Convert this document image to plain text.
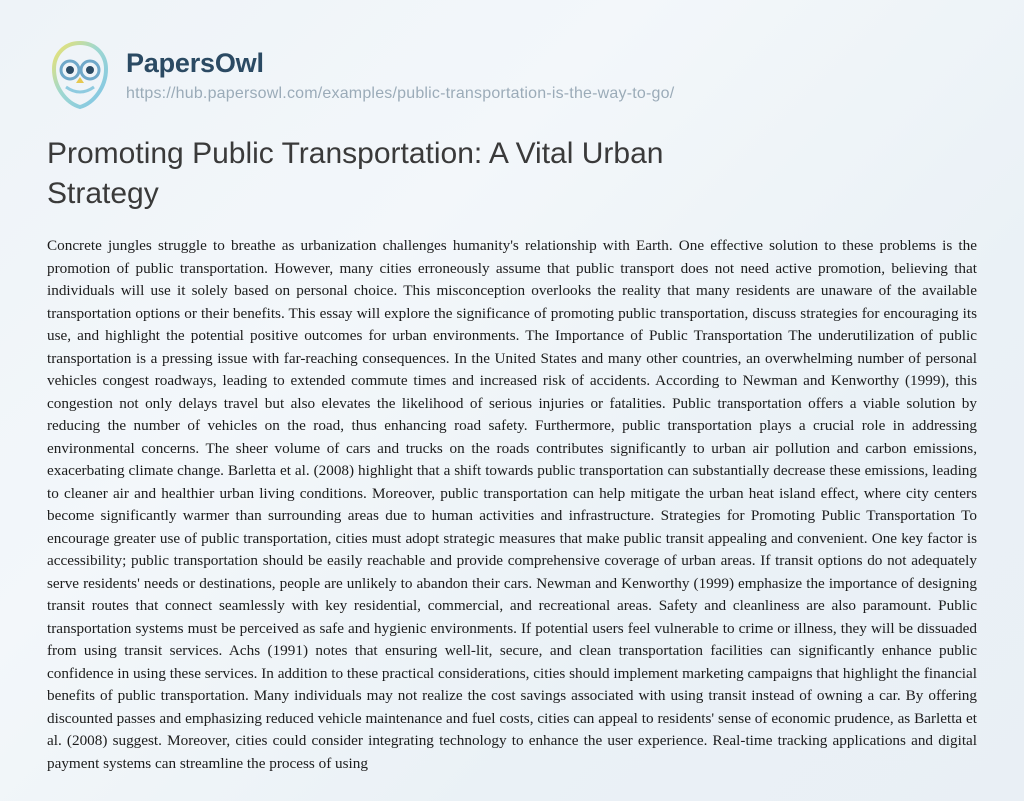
PapersOwl
https://hub.papersowl.com/examples/public-transportation-is-the-way-to-go/
Promoting Public Transportation: A Vital Urban Strategy

Concrete jungles struggle to breathe as urbanization challenges humanity's relationship with Earth. One effective solution to these problems is the promotion of public transportation. However, many cities erroneously assume that public transport does not need active promotion, believing that individuals will use it solely based on personal choice. This misconception overlooks the reality that many residents are unaware of the available transportation options or their benefits. This essay will explore the significance of promoting public transportation, discuss strategies for encouraging its use, and highlight the potential positive outcomes for urban environments. The Importance of Public Transportation The underutilization of public transportation is a pressing issue with far-reaching consequences. In the United States and many other countries, an overwhelming number of personal vehicles congest roadways, leading to extended commute times and increased risk of accidents. According to Newman and Kenworthy (1999), this congestion not only delays travel but also elevates the likelihood of serious injuries or fatalities. Public transportation offers a viable solution by reducing the number of vehicles on the road, thus enhancing road safety. Furthermore, public transportation plays a crucial role in addressing environmental concerns. The sheer volume of cars and trucks on the roads contributes significantly to urban air pollution and carbon emissions, exacerbating climate change. Barletta et al. (2008) highlight that a shift towards public transportation can substantially decrease these emissions, leading to cleaner air and healthier urban living conditions. Moreover, public transportation can help mitigate the urban heat island effect, where city centers become significantly warmer than surrounding areas due to human activities and infrastructure. Strategies for Promoting Public Transportation To encourage greater use of public transportation, cities must adopt strategic measures that make public transit appealing and convenient. One key factor is accessibility; public transportation should be easily reachable and provide comprehensive coverage of urban areas. If transit options do not adequately serve residents' needs or destinations, people are unlikely to abandon their cars. Newman and Kenworthy (1999) emphasize the importance of designing transit routes that connect seamlessly with key residential, commercial, and recreational areas. Safety and cleanliness are also paramount. Public transportation systems must be perceived as safe and hygienic environments. If potential users feel vulnerable to crime or illness, they will be dissuaded from using transit services. Achs (1991) notes that ensuring well-lit, secure, and clean transportation facilities can significantly enhance public confidence in using these services. In addition to these practical considerations, cities should implement marketing campaigns that highlight the financial benefits of public transportation. Many individuals may not realize the cost savings associated with using transit instead of owning a car. By offering discounted passes and emphasizing reduced vehicle maintenance and fuel costs, cities can appeal to residents' sense of economic prudence, as Barletta et al. (2008) suggest. Moreover, cities could consider integrating technology to enhance the user experience. Real-time tracking applications and digital payment systems can streamline the process of using
